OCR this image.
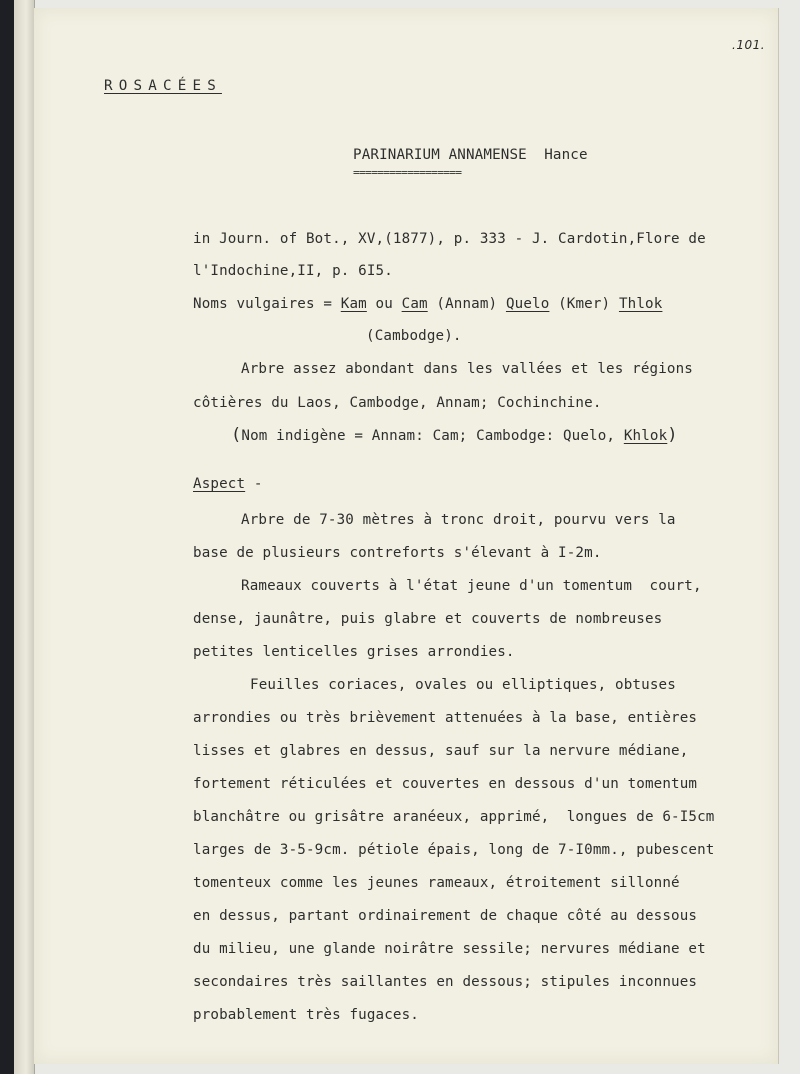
.101.
ROSACÉES
PARINARIUM ANNAMENSE Hance
==================
in Journ. of Bot., XV,(1877), p. 333 - J. Cardotin,Flore de
l'Indochine,II, p. 6I5.
Noms vulgaires = Kam ou Cam (Annam) Quelo (Kmer) Thlok
(Cambodge).
Arbre assez abondant dans les vallées et les régions
côtières du Laos, Cambodge, Annam; Cochinchine.
(Nom indigène = Annam: Cam; Cambodge: Quelo, Khlok)
Aspect -
Arbre de 7-30 mètres à tronc droit, pourvu vers la
base de plusieurs contreforts s'élevant à I-2m.
Rameaux couverts à l'état jeune d'un tomentum  court,
dense, jaunâtre, puis glabre et couverts de nombreuses
petites lenticelles grises arrondies.
Feuilles coriaces, ovales ou elliptiques, obtuses
arrondies ou très brièvement attenuées à la base, entières
lisses et glabres en dessus, sauf sur la nervure médiane,
fortement réticulées et couvertes en dessous d'un tomentum
blanchâtre ou grisâtre aranéeux, apprimé,  longues de 6-I5cm
larges de 3-5-9cm. pétiole épais, long de 7-I0mm., pubescent
tomenteux comme les jeunes rameaux, étroitement sillonné
en dessus, partant ordinairement de chaque côté au dessous
du milieu, une glande noirâtre sessile; nervures médiane et
secondaires très saillantes en dessous; stipules inconnues
probablement très fugaces.
